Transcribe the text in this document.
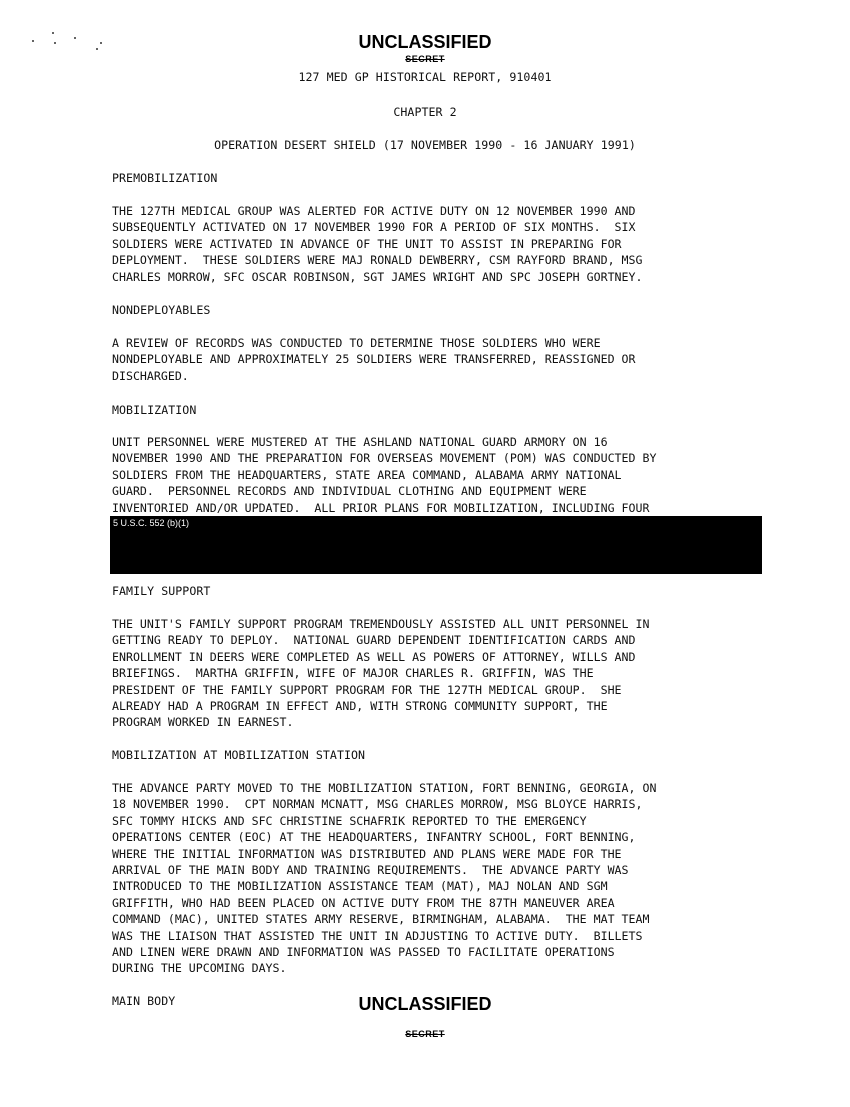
UNCLASSIFIED
SECRET
127 MED GP HISTORICAL REPORT, 910401
CHAPTER 2
OPERATION DESERT SHIELD (17 NOVEMBER 1990 - 16 JANUARY 1991)
PREMOBILIZATION
THE 127TH MEDICAL GROUP WAS ALERTED FOR ACTIVE DUTY ON 12 NOVEMBER 1990 AND
SUBSEQUENTLY ACTIVATED ON 17 NOVEMBER 1990 FOR A PERIOD OF SIX MONTHS.  SIX
SOLDIERS WERE ACTIVATED IN ADVANCE OF THE UNIT TO ASSIST IN PREPARING FOR
DEPLOYMENT.  THESE SOLDIERS WERE MAJ RONALD DEWBERRY, CSM RAYFORD BRAND, MSG
CHARLES MORROW, SFC OSCAR ROBINSON, SGT JAMES WRIGHT AND SPC JOSEPH GORTNEY.
NONDEPLOYABLES
A REVIEW OF RECORDS WAS CONDUCTED TO DETERMINE THOSE SOLDIERS WHO WERE
NONDEPLOYABLE AND APPROXIMATELY 25 SOLDIERS WERE TRANSFERRED, REASSIGNED OR
DISCHARGED.
MOBILIZATION
UNIT PERSONNEL WERE MUSTERED AT THE ASHLAND NATIONAL GUARD ARMORY ON 16
NOVEMBER 1990 AND THE PREPARATION FOR OVERSEAS MOVEMENT (POM) WAS CONDUCTED BY
SOLDIERS FROM THE HEADQUARTERS, STATE AREA COMMAND, ALABAMA ARMY NATIONAL
GUARD.  PERSONNEL RECORDS AND INDIVIDUAL CLOTHING AND EQUIPMENT WERE
INVENTORIED AND/OR UPDATED.  ALL PRIOR PLANS FOR MOBILIZATION, INCLUDING FOUR
5 U.S.C. 552 (b)(1)
FAMILY SUPPORT
THE UNIT'S FAMILY SUPPORT PROGRAM TREMENDOUSLY ASSISTED ALL UNIT PERSONNEL IN
GETTING READY TO DEPLOY.  NATIONAL GUARD DEPENDENT IDENTIFICATION CARDS AND
ENROLLMENT IN DEERS WERE COMPLETED AS WELL AS POWERS OF ATTORNEY, WILLS AND
BRIEFINGS.  MARTHA GRIFFIN, WIFE OF MAJOR CHARLES R. GRIFFIN, WAS THE
PRESIDENT OF THE FAMILY SUPPORT PROGRAM FOR THE 127TH MEDICAL GROUP.  SHE
ALREADY HAD A PROGRAM IN EFFECT AND, WITH STRONG COMMUNITY SUPPORT, THE
PROGRAM WORKED IN EARNEST.
MOBILIZATION AT MOBILIZATION STATION
THE ADVANCE PARTY MOVED TO THE MOBILIZATION STATION, FORT BENNING, GEORGIA, ON
18 NOVEMBER 1990.  CPT NORMAN MCNATT, MSG CHARLES MORROW, MSG BLOYCE HARRIS,
SFC TOMMY HICKS AND SFC CHRISTINE SCHAFRIK REPORTED TO THE EMERGENCY
OPERATIONS CENTER (EOC) AT THE HEADQUARTERS, INFANTRY SCHOOL, FORT BENNING,
WHERE THE INITIAL INFORMATION WAS DISTRIBUTED AND PLANS WERE MADE FOR THE
ARRIVAL OF THE MAIN BODY AND TRAINING REQUIREMENTS.  THE ADVANCE PARTY WAS
INTRODUCED TO THE MOBILIZATION ASSISTANCE TEAM (MAT), MAJ NOLAN AND SGM
GRIFFITH, WHO HAD BEEN PLACED ON ACTIVE DUTY FROM THE 87TH MANEUVER AREA
COMMAND (MAC), UNITED STATES ARMY RESERVE, BIRMINGHAM, ALABAMA.  THE MAT TEAM
WAS THE LIAISON THAT ASSISTED THE UNIT IN ADJUSTING TO ACTIVE DUTY.  BILLETS
AND LINEN WERE DRAWN AND INFORMATION WAS PASSED TO FACILITATE OPERATIONS
DURING THE UPCOMING DAYS.
MAIN BODY	UNCLASSIFIED
SECRET
